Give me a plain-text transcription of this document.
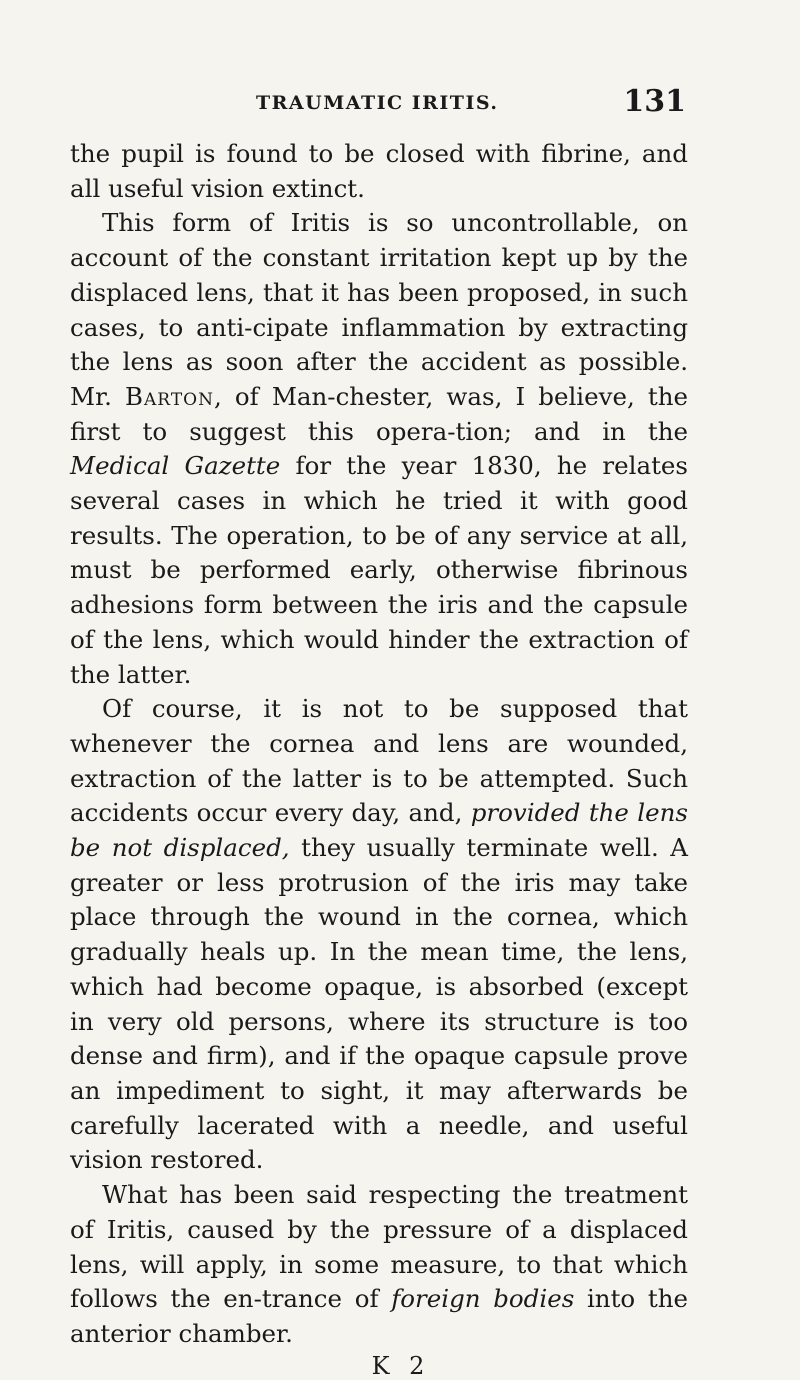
TRAUMATIC IRITIS.	131

the pupil is found to be closed with fibrine, and all useful vision extinct.

This form of Iritis is so uncontrollable, on account of the constant irritation kept up by the displaced lens, that it has been proposed, in such cases, to anti-cipate inflammation by extracting the lens as soon after the accident as possible. Mr. Barton, of Man-chester, was, I believe, the first to suggest this opera-tion; and in the Medical Gazette for the year 1830, he relates several cases in which he tried it with good results. The operation, to be of any service at all, must be performed early, otherwise fibrinous adhesions form between the iris and the capsule of the lens, which would hinder the extraction of the latter.

Of course, it is not to be supposed that whenever the cornea and lens are wounded, extraction of the latter is to be attempted. Such accidents occur every day, and, provided the lens be not displaced, they usually terminate well. A greater or less protrusion of the iris may take place through the wound in the cornea, which gradually heals up. In the mean time, the lens, which had become opaque, is absorbed (except in very old persons, where its structure is too dense and firm), and if the opaque capsule prove an impediment to sight, it may afterwards be carefully lacerated with a needle, and useful vision restored.

What has been said respecting the treatment of Iritis, caused by the pressure of a displaced lens, will apply, in some measure, to that which follows the en-trance of foreign bodies into the anterior chamber.

K 2
